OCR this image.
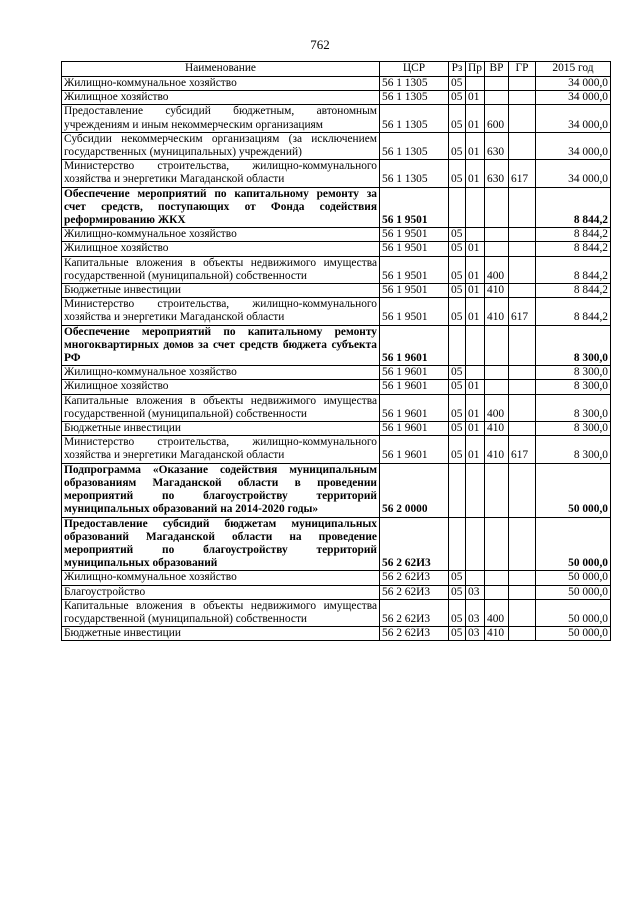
762
Наименование	ЦСР	Рз	Пр	ВР	ГР	2015 год
Жилищно-коммунальное хозяйство	56 1 1305	05				34 000,0
Жилищное хозяйство	56 1 1305	05	01			34 000,0
Предоставление субсидий бюджетным, автономным учреждениям и иным некоммерческим организациям	56 1 1305	05	01	600		34 000,0
Субсидии некоммерческим организациям (за исключением государственных (муниципальных) учреждений)	56 1 1305	05	01	630		34 000,0
Министерство строительства, жилищно-коммунального хозяйства и энергетики Магаданской области	56 1 1305	05	01	630	617	34 000,0
Обеспечение мероприятий по капитальному ремонту за счет средств, поступающих от Фонда содействия реформированию ЖКХ	56 1 9501					8 844,2
Жилищно-коммунальное хозяйство	56 1 9501	05				8 844,2
Жилищное хозяйство	56 1 9501	05	01			8 844,2
Капитальные вложения в объекты недвижимого имущества государственной (муниципальной) собственности	56 1 9501	05	01	400		8 844,2
Бюджетные инвестиции	56 1 9501	05	01	410		8 844,2
Министерство строительства, жилищно-коммунального хозяйства и энергетики Магаданской области	56 1 9501	05	01	410	617	8 844,2
Обеспечение мероприятий по капитальному ремонту многоквартирных домов за счет средств бюджета субъекта РФ	56 1 9601					8 300,0
Жилищно-коммунальное хозяйство	56 1 9601	05				8 300,0
Жилищное хозяйство	56 1 9601	05	01			8 300,0
Капитальные вложения в объекты недвижимого имущества государственной (муниципальной) собственности	56 1 9601	05	01	400		8 300,0
Бюджетные инвестиции	56 1 9601	05	01	410		8 300,0
Министерство строительства, жилищно-коммунального хозяйства и энергетики Магаданской области	56 1 9601	05	01	410	617	8 300,0
Подпрограмма «Оказание содействия муниципальным образованиям Магаданской области в проведении мероприятий по благоустройству территорий муниципальных образований на 2014-2020 годы»	56 2 0000					50 000,0
Предоставление субсидий бюджетам муниципальных образований Магаданской области на проведение мероприятий по благоустройству территорий муниципальных образований	56 2 62И3					50 000,0
Жилищно-коммунальное хозяйство	56 2 62И3	05				50 000,0
Благоустройство	56 2 62И3	05	03			50 000,0
Капитальные вложения в объекты недвижимого имущества государственной (муниципальной) собственности	56 2 62И3	05	03	400		50 000,0
Бюджетные инвестиции	56 2 62И3	05	03	410		50 000,0
